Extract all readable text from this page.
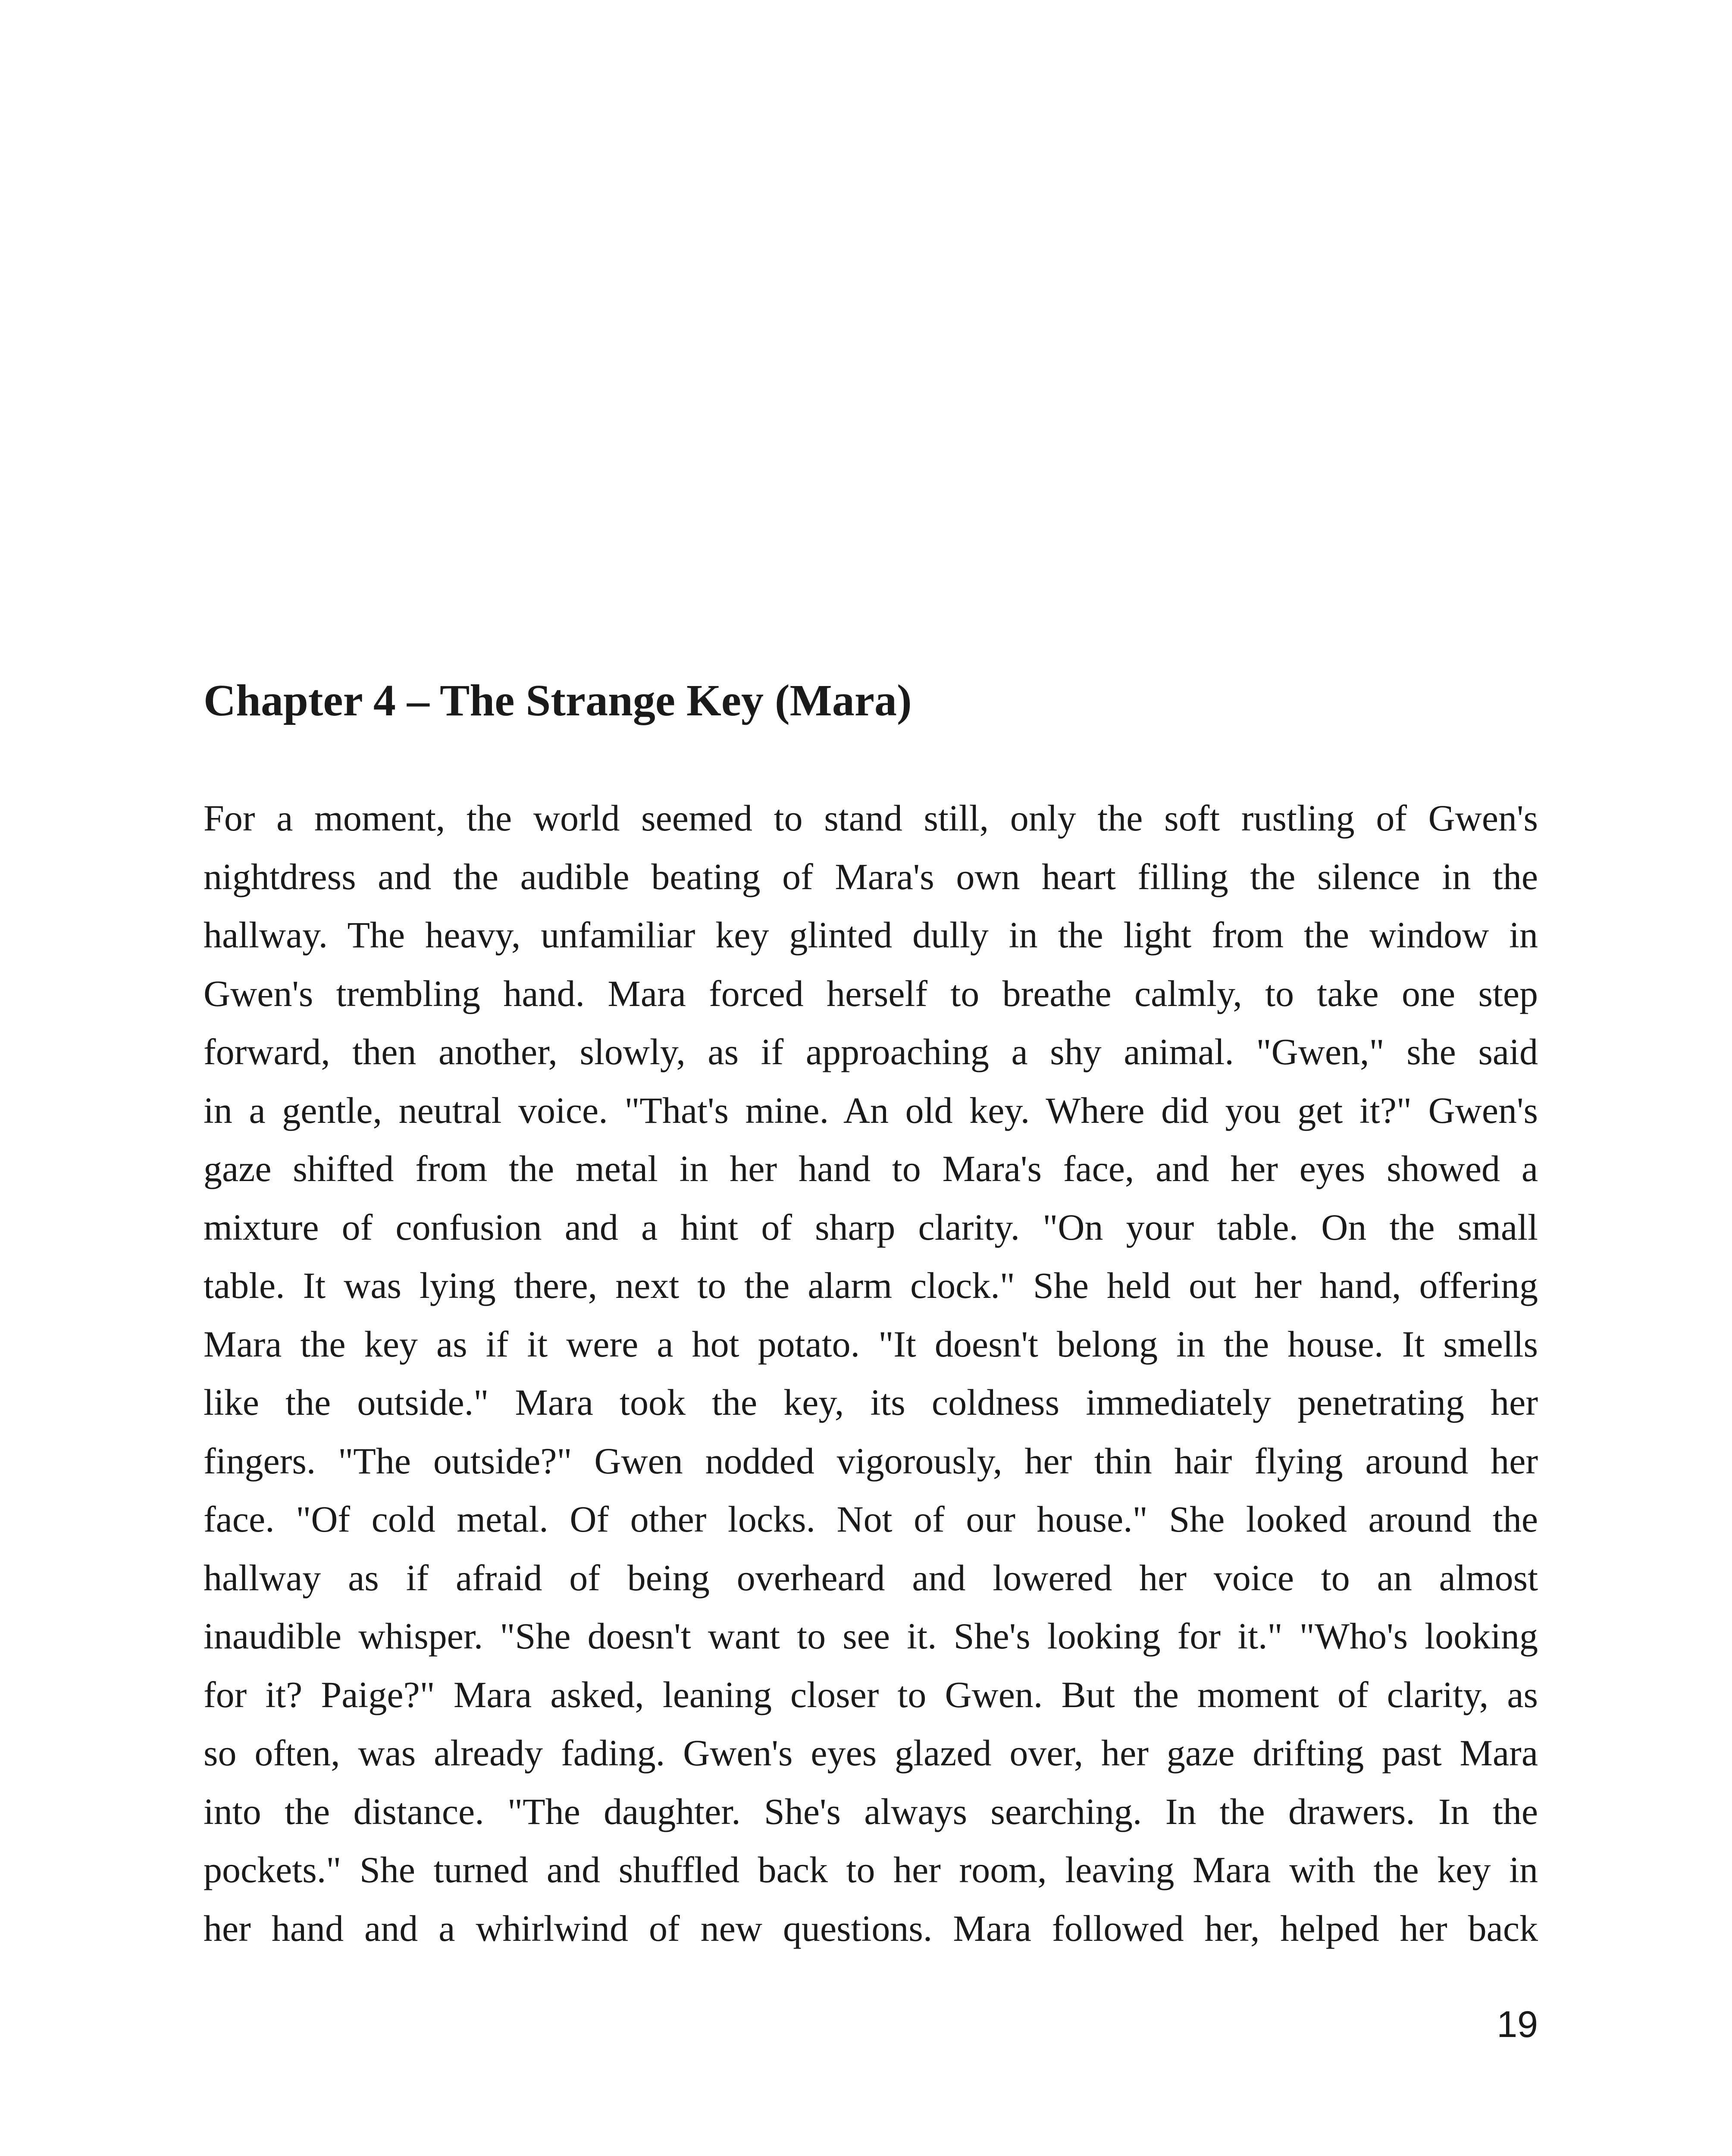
Chapter 4 – The Strange Key (Mara)
For a moment, the world seemed to stand still, only the soft rustling of Gwen's
nightdress and the audible beating of Mara's own heart filling the silence in the
hallway. The heavy, unfamiliar key glinted dully in the light from the window in
Gwen's trembling hand. Mara forced herself to breathe calmly, to take one step
forward, then another, slowly, as if approaching a shy animal. "Gwen," she said
in a gentle, neutral voice. "That's mine. An old key. Where did you get it?" Gwen's
gaze shifted from the metal in her hand to Mara's face, and her eyes showed a
mixture of confusion and a hint of sharp clarity. "On your table. On the small
table. It was lying there, next to the alarm clock." She held out her hand, offering
Mara the key as if it were a hot potato. "It doesn't belong in the house. It smells
like the outside." Mara took the key, its coldness immediately penetrating her
fingers. "The outside?" Gwen nodded vigorously, her thin hair flying around her
face. "Of cold metal. Of other locks. Not of our house." She looked around the
hallway as if afraid of being overheard and lowered her voice to an almost
inaudible whisper. "She doesn't want to see it. She's looking for it." "Who's looking
for it? Paige?" Mara asked, leaning closer to Gwen. But the moment of clarity, as
so often, was already fading. Gwen's eyes glazed over, her gaze drifting past Mara
into the distance. "The daughter. She's always searching. In the drawers. In the
pockets." She turned and shuffled back to her room, leaving Mara with the key in
her hand and a whirlwind of new questions. Mara followed her, helped her back
19
